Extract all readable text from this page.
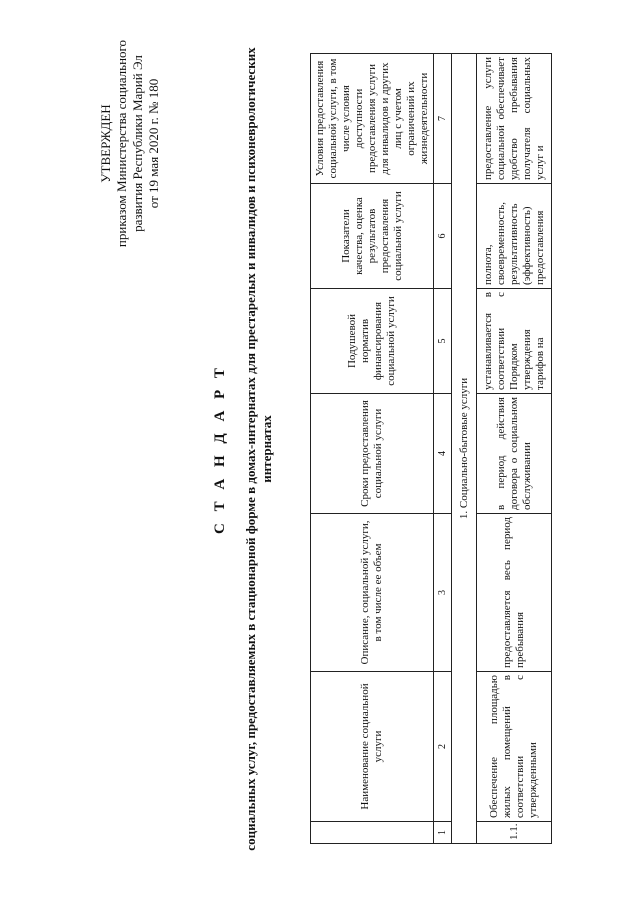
УТВЕРЖДЕН приказом Министерства социального развития Республики Марий Эл от 19 мая 2020 г. № 180
С Т А Н Д А Р Т социальных услуг, предоставляемых в стационарной форме в домах-интернатах для престарелых и инвалидов и психоневрологических интернатах
	Наименование социальной услуги	Описание, социальной услуги, в том числе ее объем	Сроки предоставления социальной услуги	Подушевой норматив финансирования социальной услуги	Показатели качества, оценка результатов предоставления социальной услуги	Условия предоставления социальной услуги, в том числе условия доступности предоставления услуги для инвалидов и других лиц с учетом ограничений их жизнедеятельности
1	2	3	4	5	6	7
1. Социально-бытовые услуги						
1.1.	Обеспечение площадью жилых помещений в соответствии с утвержденными	предоставляется весь период пребывания	в период действия договора о социальном обслуживании	устанавливается в соответствии с Порядком утверждения тарифов на	полнота, своевременность, результативность (эффективность) предоставления	предоставление услуги социальной обеспечивает удобство пребывания получателя социальных услуг и
